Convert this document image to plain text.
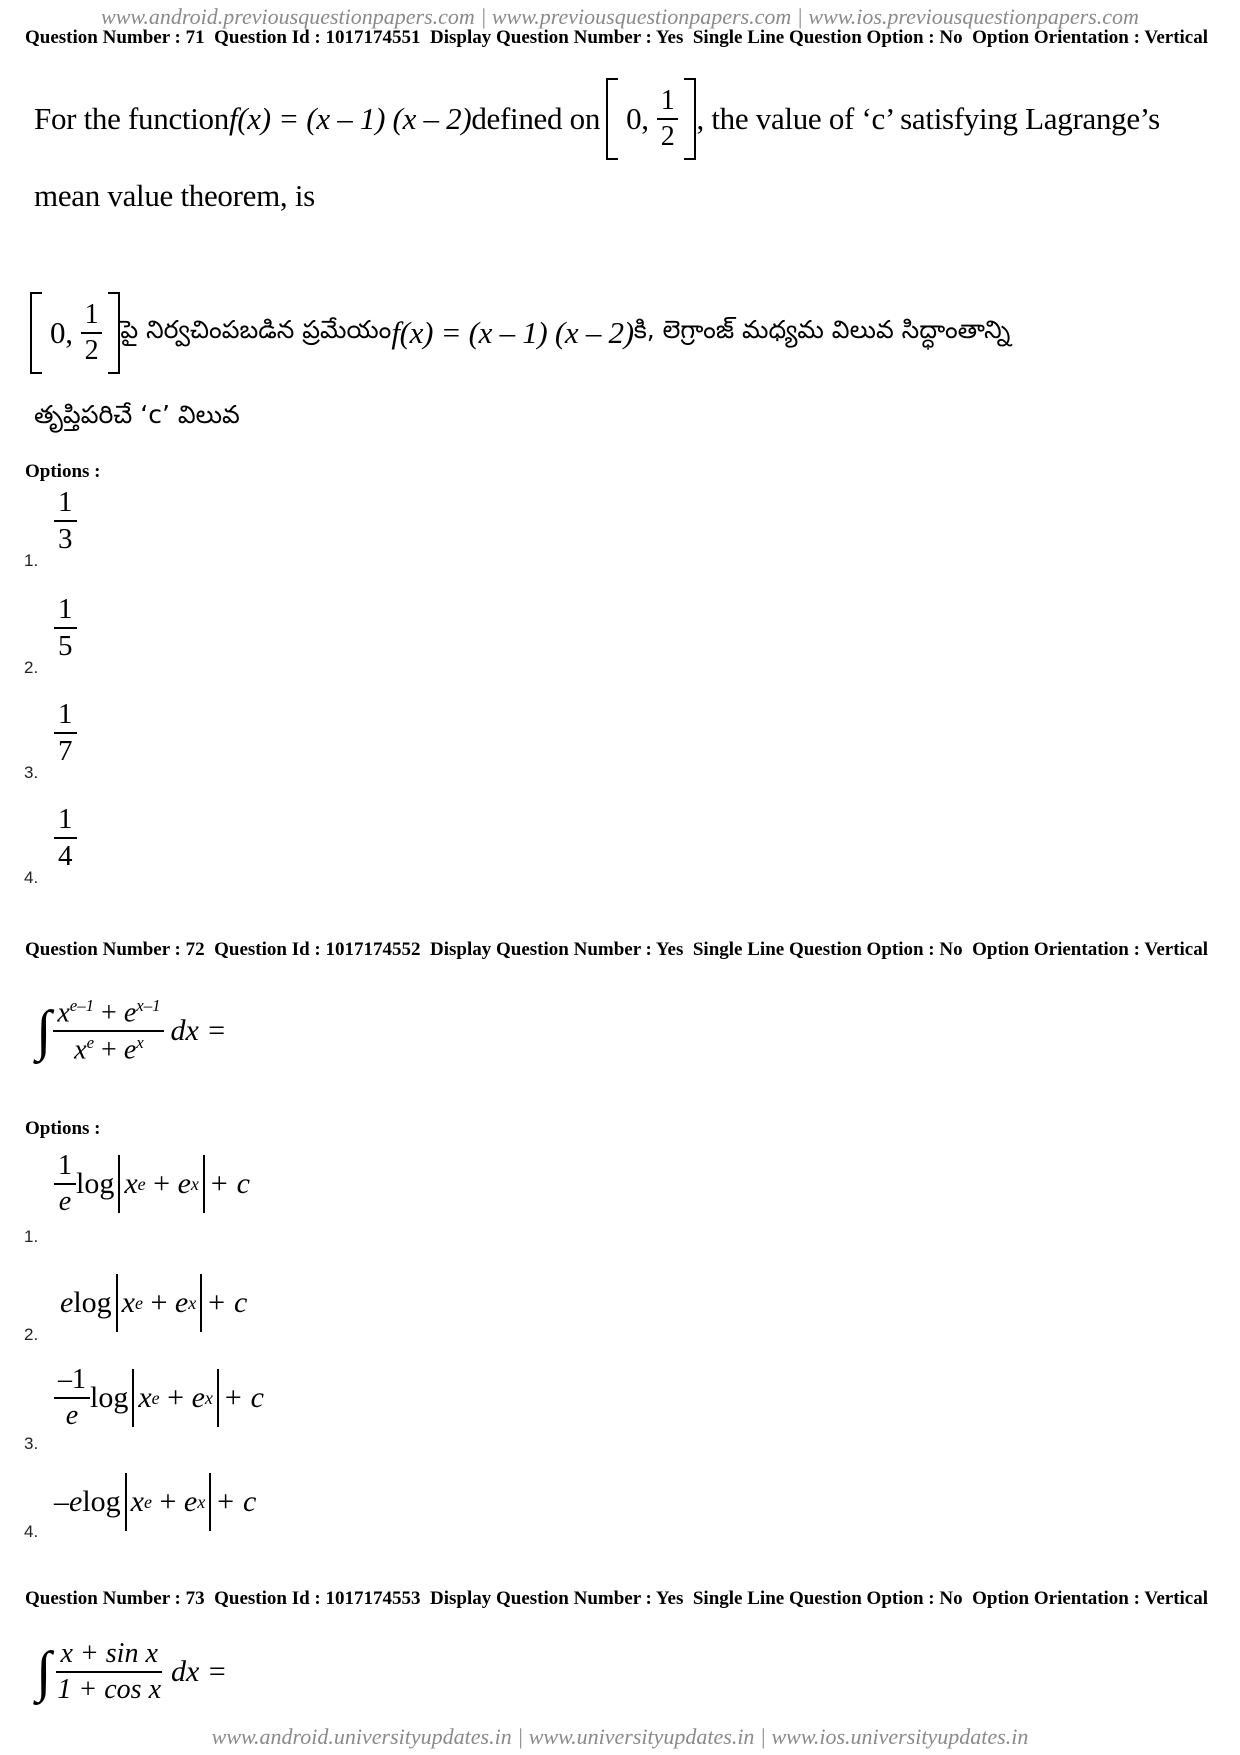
www.android.previousquestionpapers.com | www.previousquestionpapers.com | www.ios.previousquestionpapers.com
Question Number : 71  Question Id : 1017174551  Display Question Number : Yes  Single Line Question Option : No  Option Orientation : Vertical
For the function f(x) = (x – 1) (x – 2) defined on 0, $\frac{1}{2}$ , the value of ‘c’ satisfying Lagrange’s
mean value theorem, is
0, $\frac{1}{2}$ పై నిర్వచింపబడిన ప్రమేయం f(x) = (x – 1) (x – 2) కి, లెగ్రాంజ్ మధ్యమ విలువ సిద్ధాంతాన్ని
తృప్తిపరిచే ‘c’ విలువ
Options :
1.
$\frac{1}{3}$
2.
$\frac{1}{5}$
3.
$\frac{1}{7}$
4.
$\frac{1}{4}$
Question Number : 72  Question Id : 1017174552  Display Question Number : Yes  Single Line Question Option : No  Option Orientation : Vertical
∫ $\frac{x^{e-1} + e^{x-1}}{x^e + e^x}$ dx =
Options :
1.
$\frac{1}{e}$ log x e + e x + c
2.
e log x e + e x + c
3.
$\frac{-1}{e}$ log x e + e x + c
4.
–e log x e + e x + c
Question Number : 73  Question Id : 1017174553  Display Question Number : Yes  Single Line Question Option : No  Option Orientation : Vertical
∫ $\frac{\text{x + sin x}}{\text{1 + cos x}}$ dx =
www.android.universityupdates.in | www.universityupdates.in | www.ios.universityupdates.in
